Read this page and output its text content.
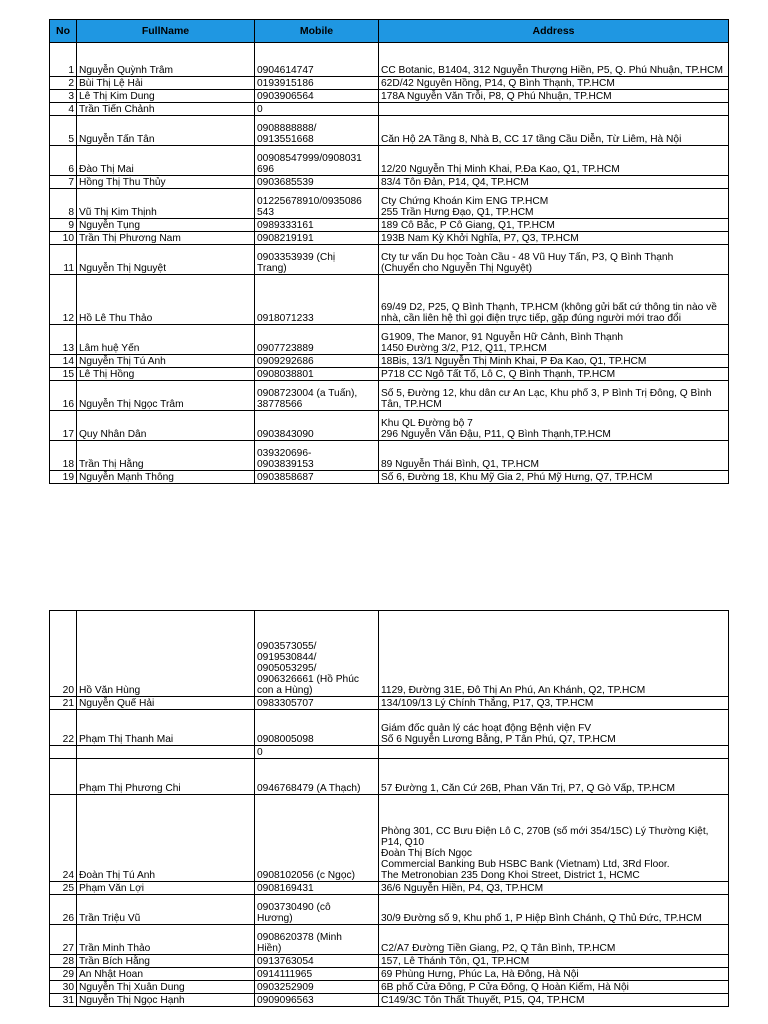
No	FullName	Mobile	Address
1	Nguyễn Quỳnh Trâm	0904614747	CC Botanic, B1404, 312 Nguyễn Thượng Hiền, P5, Q. Phú Nhuận, TP.HCM
2	Bùi Thị Lệ Hải	0193915186	62D/42 Nguyên Hồng, P14, Q Bình Thạnh, TP.HCM
3	Lê Thị Kim Dung	0903906564	178A Nguyễn Văn Trỗi, P8, Q Phú Nhuận, TP.HCM
4	Trần Tiến Chảnh	0	
5	Nguyễn Tấn Tân	0908888888/
0913551668	Căn Hộ 2A Tầng 8, Nhà B, CC 17 tầng Cầu Diễn, Từ Liêm, Hà Nội
6	Đào Thị Mai	00908547999/0908031
696	12/20 Nguyễn Thị Minh Khai, P.Đa Kao, Q1, TP.HCM
7	Hồng Thị Thu Thủy	0903685539	83/4 Tôn Đản, P14, Q4, TP.HCM
8	Vũ Thị Kim Thịnh	01225678910/0935086
543	Cty Chứng Khoán Kim ENG TP.HCM
255 Trần Hưng Đạo, Q1, TP.HCM
9	Nguyễn Tụng	0989333161	189 Cô Bắc, P Cô Giang, Q1, TP.HCM
10	Trần Thị Phương Nam	0908219191	193B Nam Kỳ Khởi Nghĩa, P7, Q3, TP.HCM
11	Nguyễn Thị Nguyệt	0903353939 (Chị
Trang)	Cty tư vấn Du học Toàn Cầu - 48 Vũ Huy Tấn, P3, Q Bình Thạnh
(Chuyển cho Nguyễn Thị Nguyệt)
12	Hồ Lê Thu Thảo	0918071233	69/49 D2, P25, Q Bình Thạnh, TP.HCM (không gửi bất cứ thông tin nào về nhà, cần liên hệ thì gọi điện trực tiếp, gặp đúng người mới trao đổi
13	Lâm huệ Yến	0907723889	G1909, The Manor, 91 Nguyễn Hữ Cảnh, Bình Thạnh
1450 Đường 3/2, P12, Q11, TP.HCM
14	Nguyễn Thị Tú Anh	0909292686	18Bis, 13/1 Nguyễn Thị Minh Khai, P Đa Kao, Q1, TP.HCM
15	Lê Thị Hồng	0908038801	P718 CC Ngô Tất Tố, Lô C, Q Bình Thạnh, TP.HCM
16	Nguyễn Thị Ngọc Trâm	0908723004 (a Tuấn),
38778566	Số 5, Đường 12, khu dân cư An Lạc, Khu phố 3, P Bình Trị Đông, Q Bình Tân, TP.HCM
17	Quy Nhân Dân	0903843090	Khu QL Đường bộ 7
296 Nguyễn Văn Đậu, P11, Q Bình Thạnh,TP.HCM
18	Trần Thị Hằng	039320696-
0903839153	89 Nguyễn Thái Bình, Q1, TP.HCM
19	Nguyễn Mạnh Thông	0903858687	Số 6, Đường 18, Khu Mỹ Gia 2, Phú Mỹ Hưng, Q7, TP.HCM
20	Hồ Văn Hùng	0903573055/
0919530844/
0905053295/
0906326661 (Hồ Phúc
con a Hùng)	1129, Đường 31E, Đô Thị An Phú, An Khánh, Q2, TP.HCM
21	Nguyễn Quế Hải	0983305707	134/109/13 Lý Chính Thắng, P17, Q3, TP.HCM
22	Phạm Thị Thanh Mai	0908005098	Giám đốc quản lý các hoạt động Bệnh viện FV
Số 6 Nguyễn Lương Bằng, P Tân Phú, Q7, TP.HCM
		0	
	Phạm Thị Phương Chi	0946768479 (A Thạch)	57 Đường 1, Căn Cứ 26B, Phan Văn Trị, P7, Q Gò Vấp, TP.HCM
24	Đoàn Thị Tú Anh	0908102056 (c Ngọc)	Phòng 301, CC Bưu Điện Lô C, 270B (số mới 354/15C) Lý Thường Kiệt, P14, Q10
Đoàn Thị Bích Ngọc
Commercial Banking Bub HSBC Bank (Vietnam) Ltd, 3Rd Floor.
The Metronobian 235 Dong Khoi Street, District 1, HCMC
25	Phạm Văn Lợi	0908169431	36/6 Nguyễn Hiền, P4, Q3, TP.HCM
26	Trần Triệu Vũ	0903730490 (cô
Hương)	30/9 Đường số 9, Khu phố 1, P Hiệp Bình Chánh, Q Thủ Đức, TP.HCM
27	Trần Minh Thảo	0908620378 (Minh
Hiền)	C2/A7 Đường Tiền Giang, P2, Q Tân Bình, TP.HCM
28	Trần Bích Hằng	0913763054	157, Lê Thánh Tôn, Q1, TP.HCM
29	An Nhật Hoan	0914111965	69 Phùng Hưng, Phúc La, Hà Đông, Hà Nội
30	Nguyễn Thị Xuân Dung	0903252909	6B phố Cửa Đông, P Cửa Đông, Q Hoàn Kiếm, Hà Nội
31	Nguyễn Thị Ngọc Hạnh	0909096563	C149/3C Tôn Thất Thuyết, P15, Q4, TP.HCM
